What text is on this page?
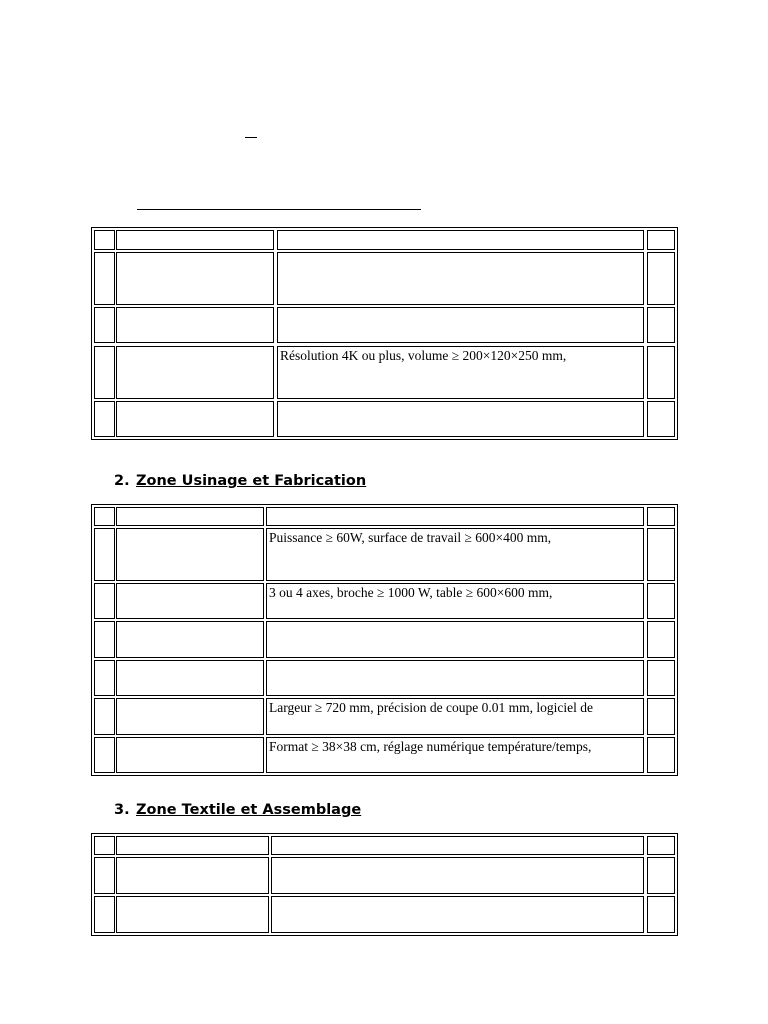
2. Zone Usinage et Fabrication
3. Zone Textile et Assemblage
Résolution 4K ou plus, volume ≥ 200×120×250 mm,
Puissance ≥ 60W, surface de travail ≥ 600×400 mm,
3 ou 4 axes, broche ≥ 1000 W, table ≥ 600×600 mm,
Largeur ≥ 720 mm, précision de coupe 0.01 mm, logiciel de
Format ≥ 38×38 cm, réglage numérique température/temps,
